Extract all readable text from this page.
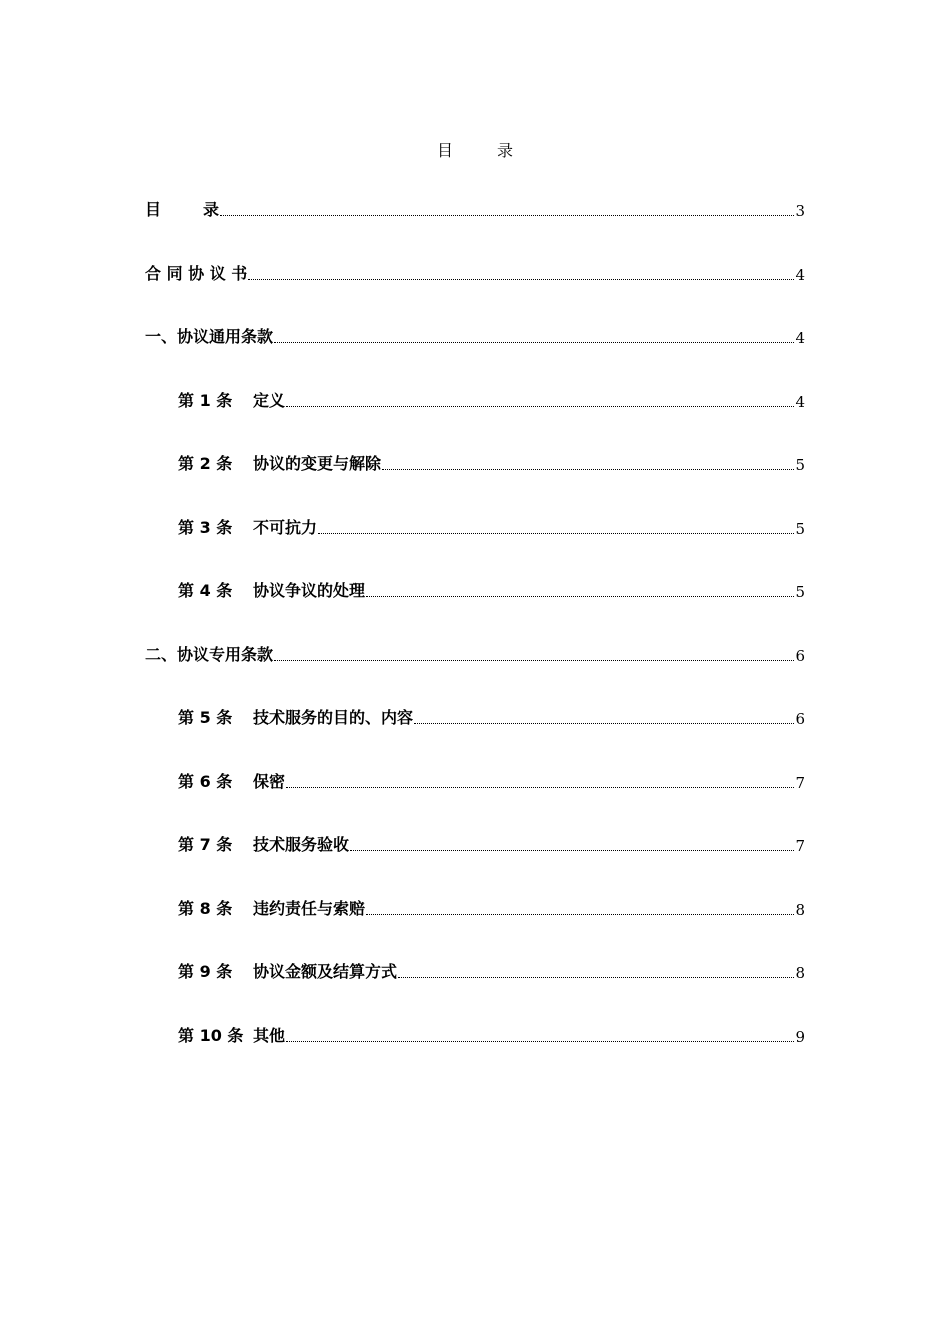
目	录
目	录	3
合 同 协 议 书	4
一、协议通用条款	4
第 1 条	定义	4
第 2 条	协议的变更与解除	5
第 3 条	不可抗力	5
第 4 条	协议争议的处理	5
二、协议专用条款	6
第 5 条	技术服务的目的、内容	6
第 6 条	保密	7
第 7 条	技术服务验收	7
第 8 条	违约责任与索赔	8
第 9 条	协议金额及结算方式	8
第 10 条 其他	9
